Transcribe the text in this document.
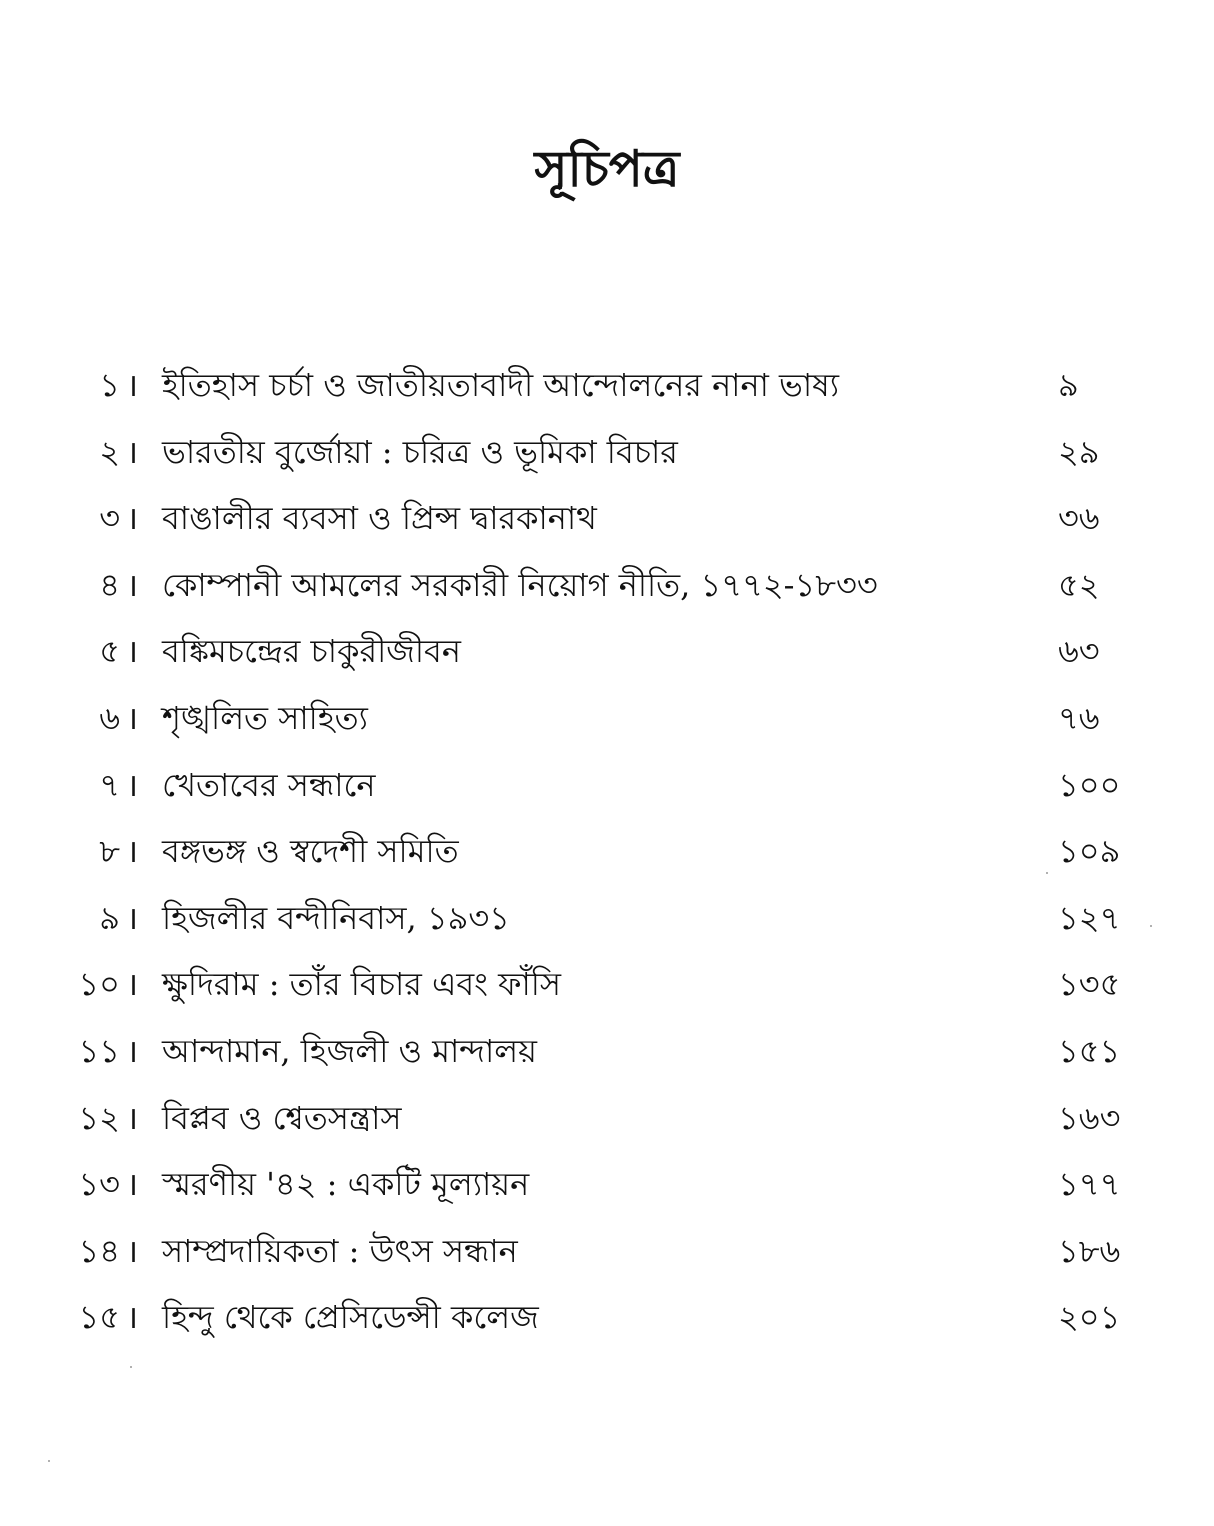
সূচিপত্র
১ । ইতিহাস চর্চা ও জাতীয়তাবাদী আন্দোলনের নানা ভাষ্য	৯
২ । ভারতীয় বুর্জোয়া : চরিত্র ও ভূমিকা বিচার	২৯
৩ । বাঙালীর ব্যবসা ও প্রিন্স দ্বারকানাথ	৩৬
৪ । কোম্পানী আমলের সরকারী নিয়োগ নীতি, ১৭৭২-১৮৩৩	৫২
৫ । বঙ্কিমচন্দ্রের চাকুরীজীবন	৬৩
৬ । শৃঙ্খলিত সাহিত্য	৭৬
৭ । খেতাবের সন্ধানে	১০০
৮ । বঙ্গভঙ্গ ও স্বদেশী সমিতি	১০৯
৯ । হিজলীর বন্দীনিবাস, ১৯৩১	১২৭
১০ । ক্ষুদিরাম : তাঁর বিচার এবং ফাঁসি	১৩৫
১১ । আন্দামান, হিজলী ও মান্দালয়	১৫১
১২ । বিপ্লব ও শ্বেতসন্ত্রাস	১৬৩
১৩ । স্মরণীয় '৪২ : একটি মূল্যায়ন	১৭৭
১৪ । সাম্প্রদায়িকতা : উৎস সন্ধান	১৮৬
১৫ । হিন্দু থেকে প্রেসিডেন্সী কলেজ	২০১
